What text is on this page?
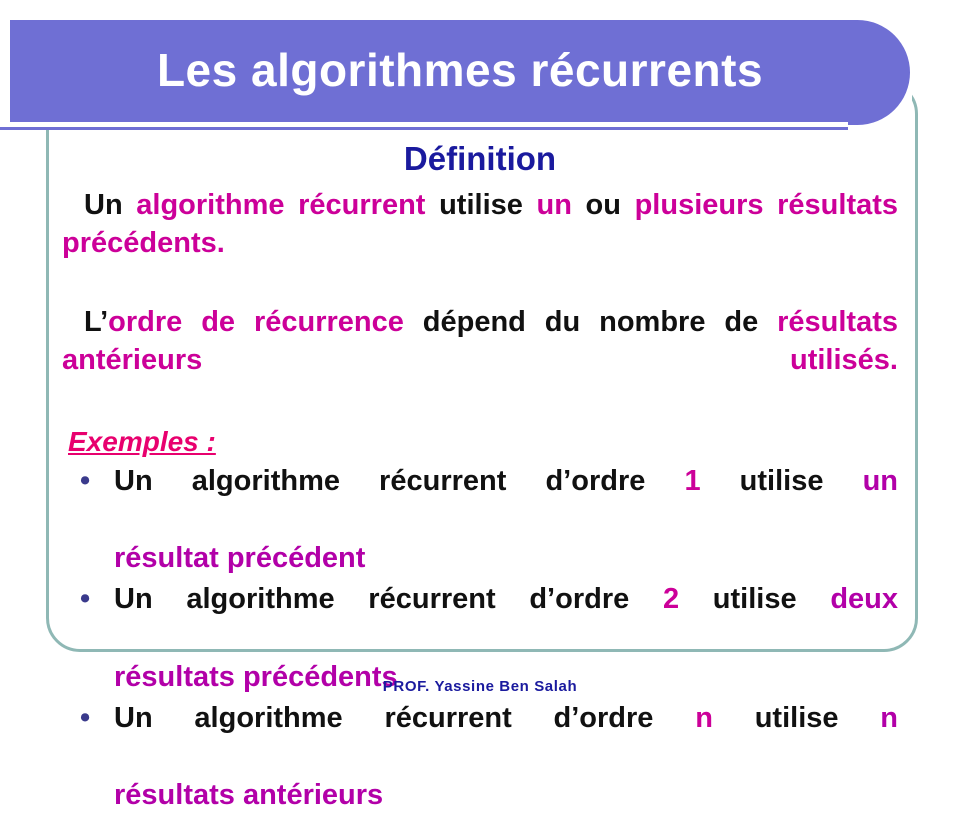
Les algorithmes récurrents
Définition

Un algorithme récurrent utilise un ou plusieurs résultats précédents.

L’ordre de récurrence dépend du nombre de résultats antérieurs utilisés.

Exemples :
• Un algorithme récurrent d’ordre 1 utilise un
résultat précédent
• Un algorithme récurrent d’ordre 2 utilise deux
résultats précédents
• Un algorithme récurrent d’ordre n utilise n
résultats antérieurs
PROF. Yassine Ben Salah
